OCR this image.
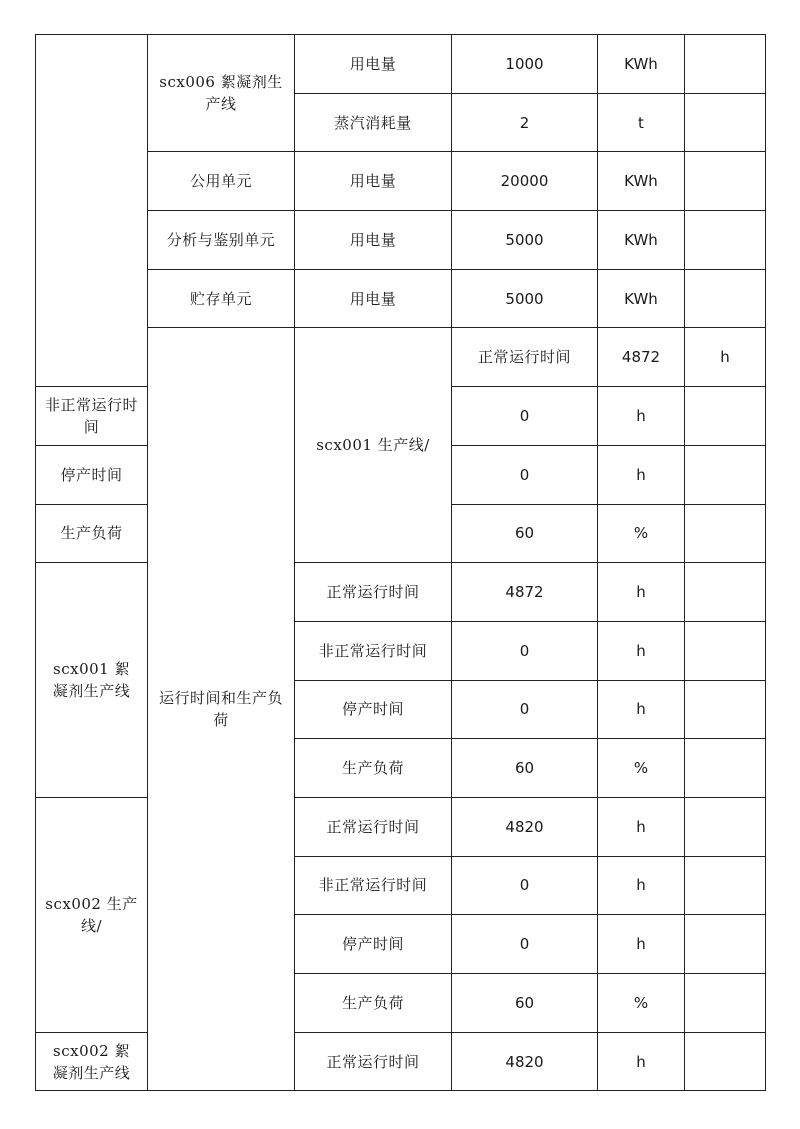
	scx006 絮凝剂生产线	用电量	1000	KWh		
		蒸汽消耗量	2	t		
	公用单元	用电量	20000	KWh		
	分析与鉴别单元	用电量	5000	KWh		
	贮存单元	用电量	5000	KWh		
	运行时间和生产负荷	scx001 生产线/	正常运行时间	4872	h	
非正常运行时间			0	h		
停产时间			0	h		
生产负荷			60	%		
scx001 絮凝剂生产线		正常运行时间	4872	h		
		非正常运行时间	0	h		
		停产时间	0	h		
		生产负荷	60	%		
scx002 生产线/		正常运行时间	4820	h		
		非正常运行时间	0	h		
		停产时间	0	h		
		生产负荷	60	%		
scx002 絮凝剂生产线		正常运行时间	4820	h		
